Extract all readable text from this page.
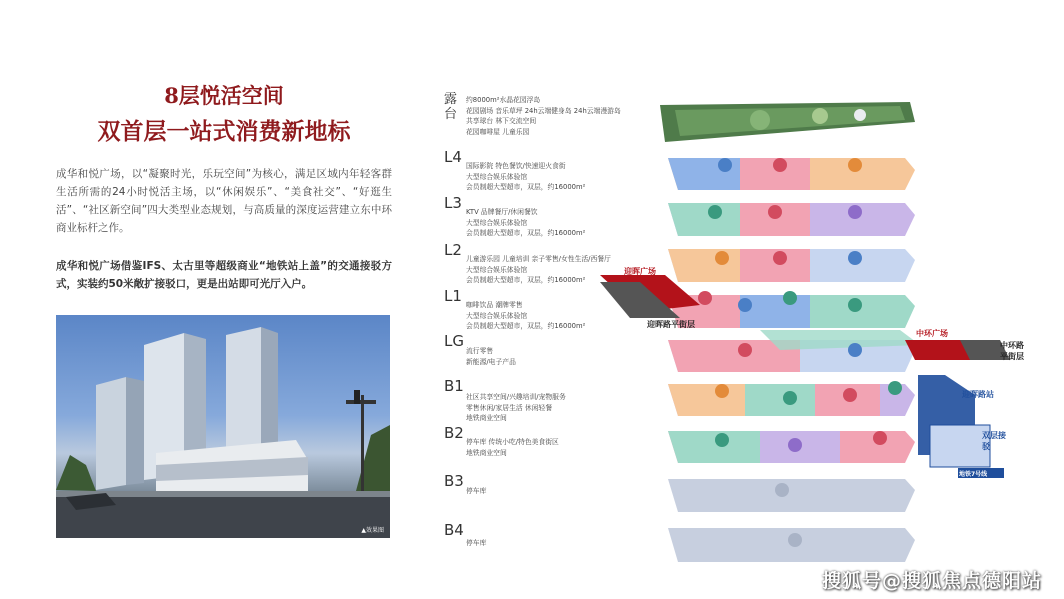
8层悦活空间
双首层一站式消费新地标
成华和悦广场，以“凝聚时光，乐玩空间”为核心，满足区域内年轻客群生活所需的24小时悦活主场，以“休闲娱乐”、“美食社交”、“好逛生活”、“社区新空间”四大类型业态规划，与高质量的深度运营建立东中环商业标杆之作。
成华和悦广场借鉴IFS、太古里等超级商业“地铁站上盖”的交通接驳方式，实装约50米敞扩接驳口，更是出站即可光厅入户。
▲效果图
露台
L4
L3
L2
L1
LG
B1
B2
B3
B4
约8000m²水晶花园浮岛
花园剧场 音乐草坪 24h云端健身岛 24h云端漫游岛
共享球台 林下交流空间
花园咖啡屋 儿童乐园
国际影院 特色餐饮/快速迎火食街
大型综合娱乐体验馆
会员制超大型超市，双层，约16000m²
KTV 品牌餐厅/休闲餐饮
大型综合娱乐体验馆
会员制超大型超市，双层，约16000m²
儿童游乐园 儿童培训 亲子零售/女性生活/西餐厅
大型综合娱乐体验馆
会员制超大型超市，双层，约16000m²
咖啡饮品 潮牌零售
大型综合娱乐体验馆
会员制超大型超市，双层，约16000m²
流行零售
新能源/电子产品
社区共享空间/兴趣培训/宠物服务
零售休闲/家居生活 休闲轻餐
地铁商业空间
停车库 传统小吃/特色美食街区
地铁商业空间
停车库
停车库
迎晖广场
迎晖路平街层
中环广场
中环路平街层
迎晖路站
双层接驳
地铁7号线
搜狐号@搜狐焦点德阳站
